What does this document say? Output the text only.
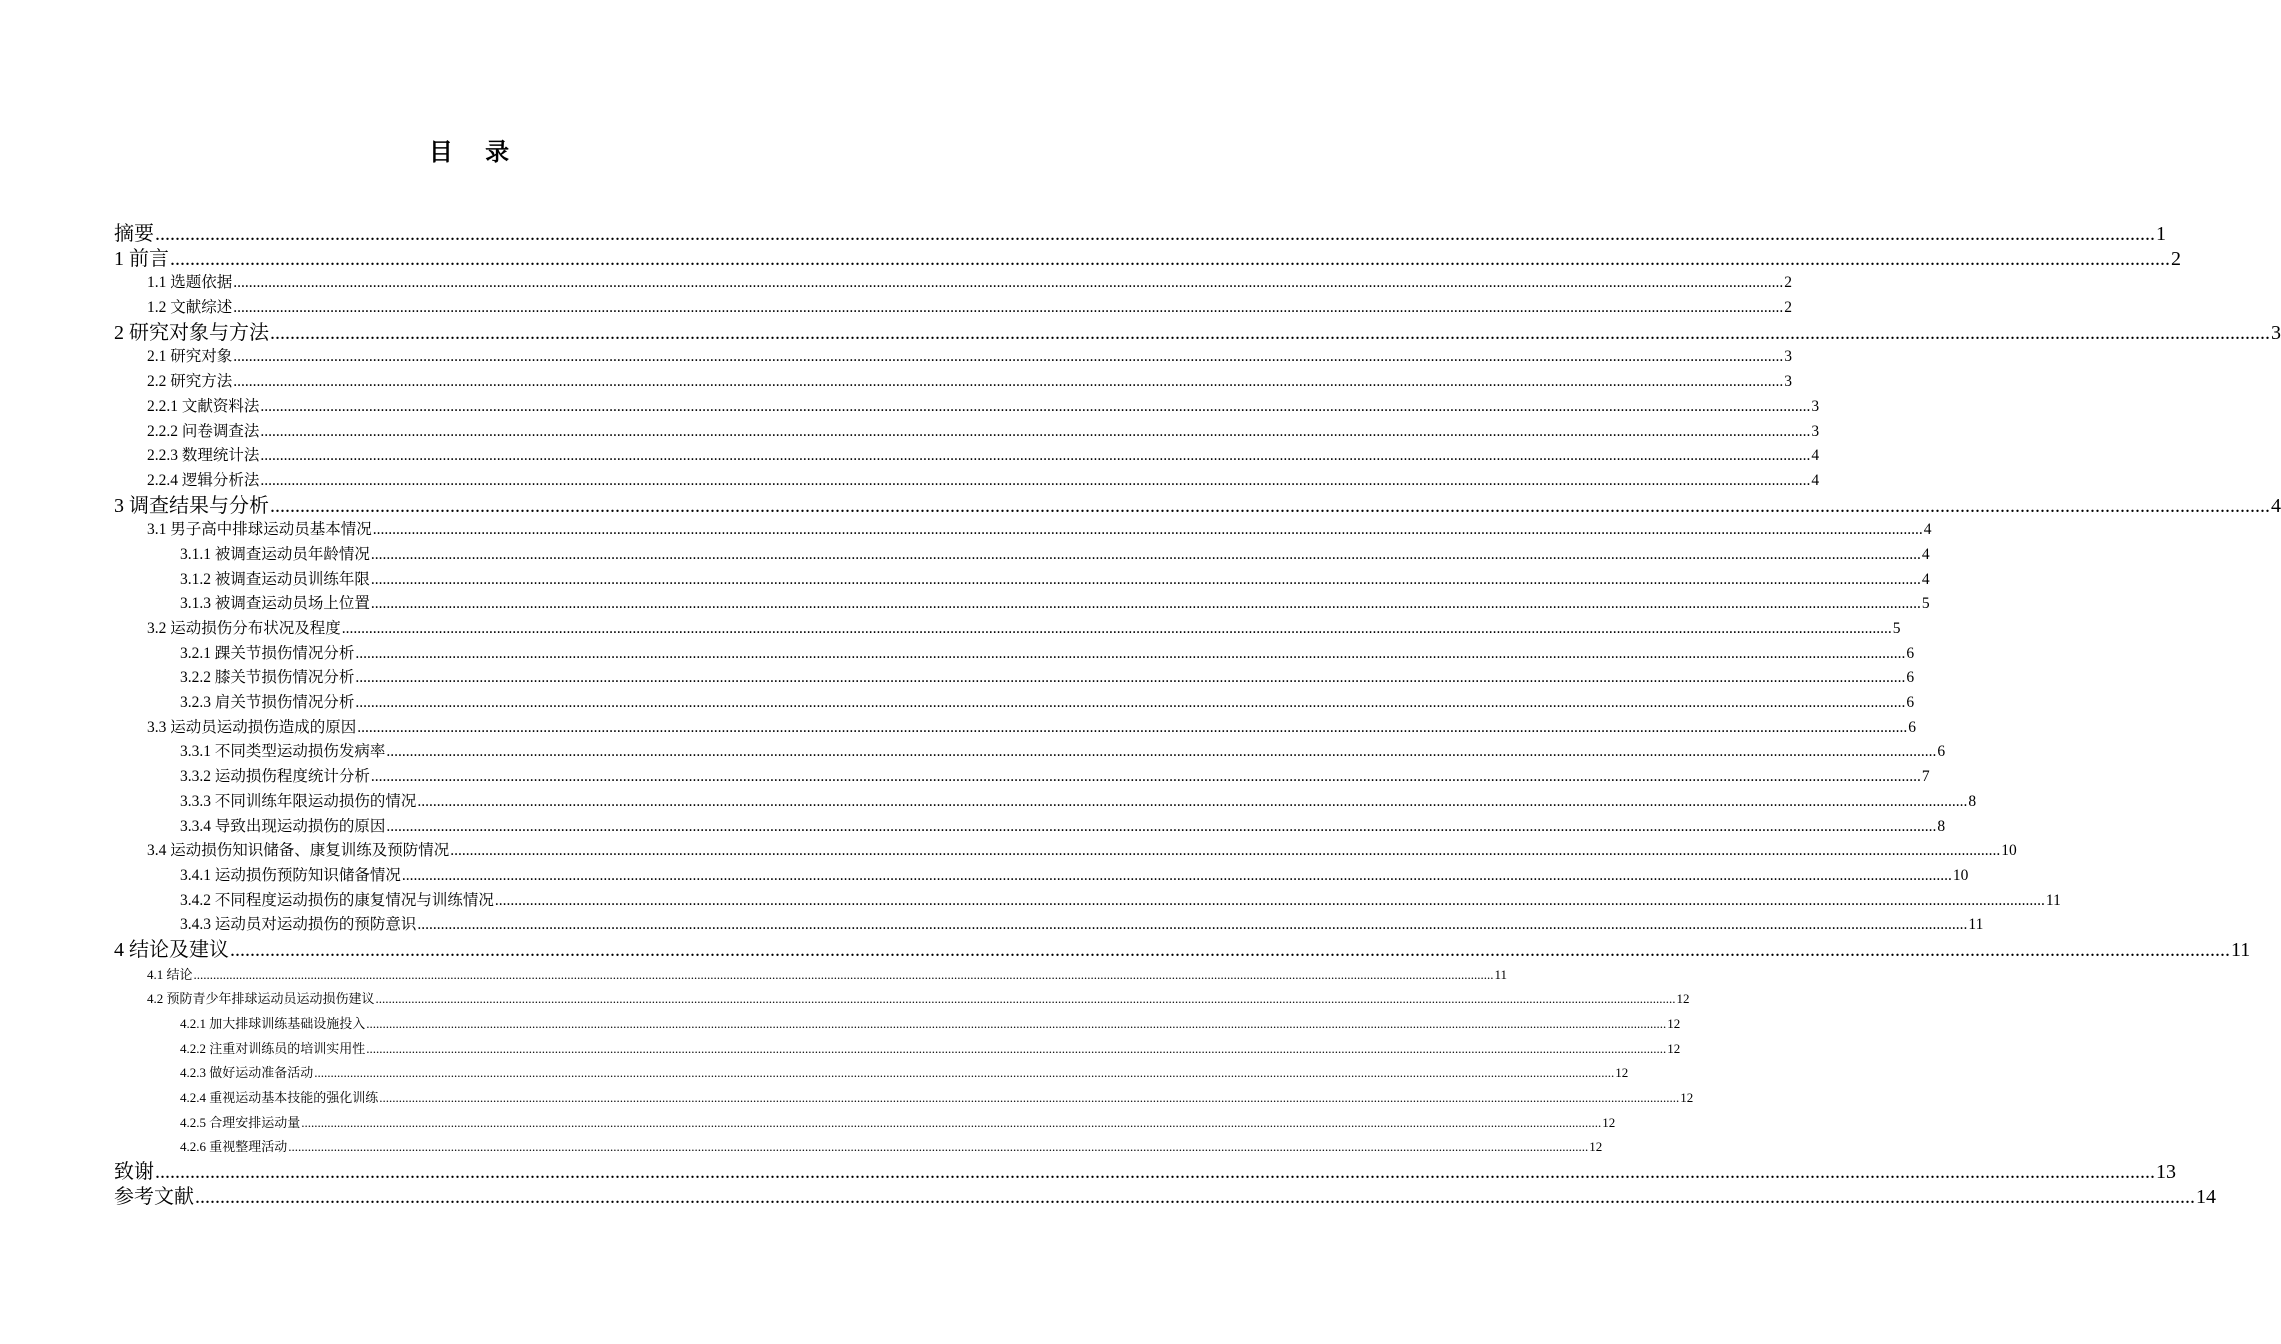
目 录
摘要 ................................................................................................................................................................................................................................................................................................................................................................................................................ 1
1 前言 ................................................................................................................................................................................................................................................................................................................................................................................................................ 2
1.1 选题依据 ................................................................................................................................................................................................................................................................................................................................................................................................................ 2
1.2 文献综述 ................................................................................................................................................................................................................................................................................................................................................................................................................ 2
2 研究对象与方法 ................................................................................................................................................................................................................................................................................................................................................................................................................ 3
2.1 研究对象 ................................................................................................................................................................................................................................................................................................................................................................................................................ 3
2.2 研究方法 ................................................................................................................................................................................................................................................................................................................................................................................................................ 3
2.2.1 文献资料法 ................................................................................................................................................................................................................................................................................................................................................................................................................ 3
2.2.2 问卷调查法 ................................................................................................................................................................................................................................................................................................................................................................................................................ 3
2.2.3 数理统计法 ................................................................................................................................................................................................................................................................................................................................................................................................................ 4
2.2.4 逻辑分析法 ................................................................................................................................................................................................................................................................................................................................................................................................................ 4
3 调查结果与分析 ................................................................................................................................................................................................................................................................................................................................................................................................................ 4
3.1 男子高中排球运动员基本情况 ................................................................................................................................................................................................................................................................................................................................................................................................................ 4
3.1.1 被调查运动员年龄情况 ................................................................................................................................................................................................................................................................................................................................................................................................................ 4
3.1.2 被调查运动员训练年限 ................................................................................................................................................................................................................................................................................................................................................................................................................ 4
3.1.3 被调查运动员场上位置 ................................................................................................................................................................................................................................................................................................................................................................................................................ 5
3.2 运动损伤分布状况及程度 ................................................................................................................................................................................................................................................................................................................................................................................................................ 5
3.2.1 踝关节损伤情况分析 ................................................................................................................................................................................................................................................................................................................................................................................................................ 6
3.2.2 膝关节损伤情况分析 ................................................................................................................................................................................................................................................................................................................................................................................................................ 6
3.2.3 肩关节损伤情况分析 ................................................................................................................................................................................................................................................................................................................................................................................................................ 6
3.3 运动员运动损伤造成的原因 ................................................................................................................................................................................................................................................................................................................................................................................................................ 6
3.3.1 不同类型运动损伤发病率 ................................................................................................................................................................................................................................................................................................................................................................................................................ 6
3.3.2 运动损伤程度统计分析 ................................................................................................................................................................................................................................................................................................................................................................................................................ 7
3.3.3 不同训练年限运动损伤的情况 ................................................................................................................................................................................................................................................................................................................................................................................................................ 8
3.3.4 导致出现运动损伤的原因 ................................................................................................................................................................................................................................................................................................................................................................................................................ 8
3.4 运动损伤知识储备、康复训练及预防情况 ................................................................................................................................................................................................................................................................................................................................................................................................................ 10
3.4.1 运动损伤预防知识储备情况 ................................................................................................................................................................................................................................................................................................................................................................................................................ 10
3.4.2 不同程度运动损伤的康复情况与训练情况 ................................................................................................................................................................................................................................................................................................................................................................................................................ 11
3.4.3 运动员对运动损伤的预防意识 ................................................................................................................................................................................................................................................................................................................................................................................................................ 11
4 结论及建议 ................................................................................................................................................................................................................................................................................................................................................................................................................ 11
4.1 结论 ................................................................................................................................................................................................................................................................................................................................................................................................................ 11
4.2 预防青少年排球运动员运动损伤建议 ................................................................................................................................................................................................................................................................................................................................................................................................................ 12
4.2.1 加大排球训练基础设施投入 ................................................................................................................................................................................................................................................................................................................................................................................................................ 12
4.2.2 注重对训练员的培训实用性 ................................................................................................................................................................................................................................................................................................................................................................................................................ 12
4.2.3 做好运动准备活动 ................................................................................................................................................................................................................................................................................................................................................................................................................ 12
4.2.4 重视运动基本技能的强化训练 ................................................................................................................................................................................................................................................................................................................................................................................................................ 12
4.2.5 合理安排运动量 ................................................................................................................................................................................................................................................................................................................................................................................................................ 12
4.2.6 重视整理活动 ................................................................................................................................................................................................................................................................................................................................................................................................................ 12
致谢 ................................................................................................................................................................................................................................................................................................................................................................................................................ 13
参考文献 ................................................................................................................................................................................................................................................................................................................................................................................................................ 14
